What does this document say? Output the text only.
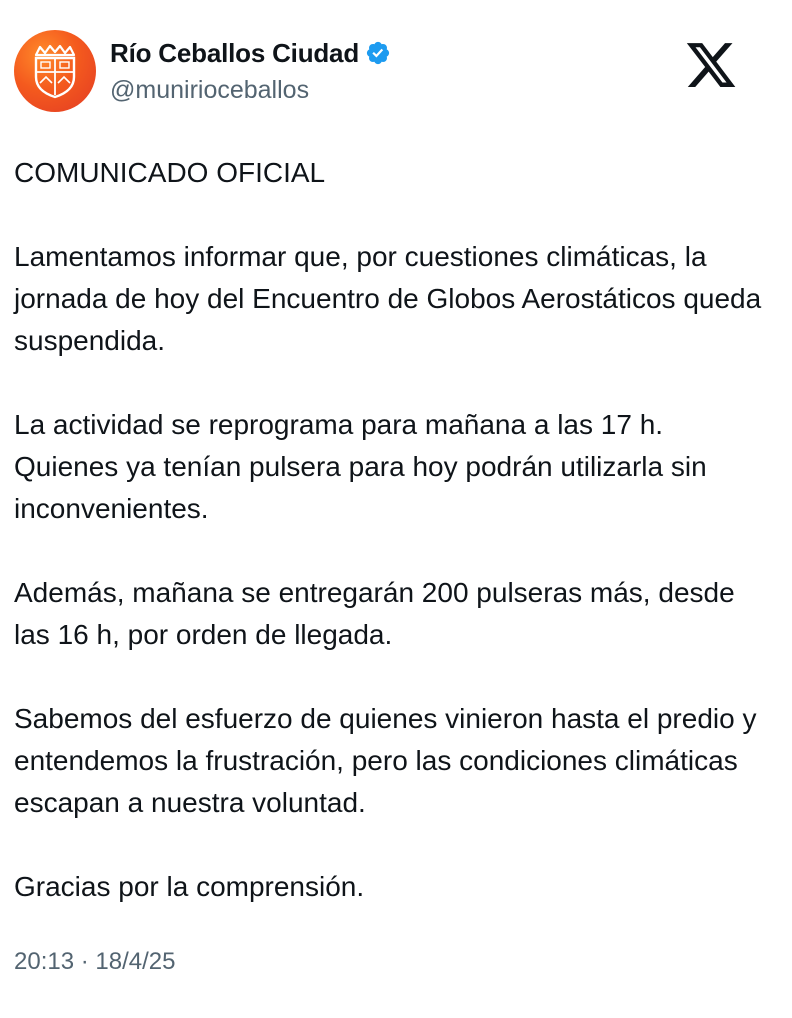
Río Ceballos Ciudad
@munirioceballos

COMUNICADO OFICIAL

Lamentamos informar que, por cuestiones climáticas, la jornada de hoy del Encuentro de Globos Aerostáticos queda suspendida.

La actividad se reprograma para mañana a las 17 h. Quienes ya tenían pulsera para hoy podrán utilizarla sin inconvenientes.

Además, mañana se entregarán 200 pulseras más, desde las 16 h, por orden de llegada.

Sabemos del esfuerzo de quienes vinieron hasta el predio y entendemos la frustración, pero las condiciones climáticas escapan a nuestra voluntad.

Gracias por la comprensión.

20:13 · 18/4/25
